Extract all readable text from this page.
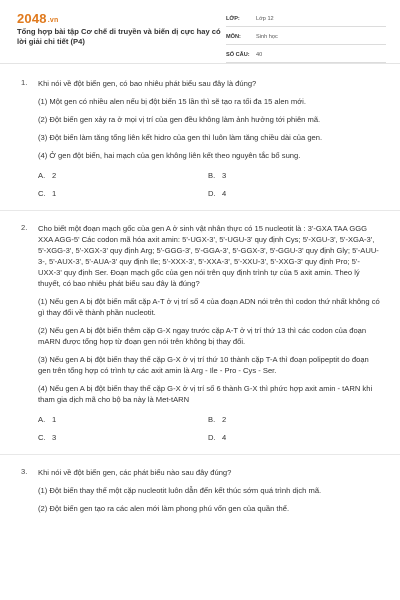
2048.vn
Tổng hợp bài tập Cơ chế di truyền và biến dị cực hay có lời giải chi tiết (P4)
LỚP:	Lớp 12
MÔN:	Sinh học
SỐ CÂU:	40
1. Khi nói về đột biến gen, có bao nhiêu phát biểu sau đây là đúng?
(1) Một gen có nhiều alen nếu bị đột biến 15 lần thì sẽ tạo ra tối đa 15 alen mới.
(2) Đột biến gen xảy ra ở mọi vị trí của gen đều không làm ảnh hưởng tới phiên mã.
(3) Đột biến làm tăng tổng liên kết hidro của gen thì luôn làm tăng chiều dài của gen.
(4) Ở gen đột biến, hai mạch của gen không liên kết theo nguyên tắc bổ sung.
A. 2	B. 3
C. 1	D. 4
2. Cho biết một đoạn mạch gốc của gen A ở sinh vật nhân thực có 15 nucleotit là : 3'-GXA TAA GGG XXA AGG-5' Các codon mã hóa axit amin: 5'-UGX-3', 5'-UGU-3' quy định Cys; 5'-XGU-3', 5'-XGA-3', 5'-XGG-3', 5'-XGX-3' quy định Arg; 5'-GGG-3', 5'-GGA-3', 5'-GGX-3', 5'-GGU-3' quy định Gly; 5'-AUU- 3-, 5'-AUX-3', 5'-AUA-3' quy định Ile; 5'-XXX-3', 5'-XXA-3', 5'-XXU-3', 5'-XXG-3' quy định Pro; 5'- UXX-3' quy định Ser. Đoạn mạch gốc của gen nói trên quy định trình tự của 5 axit amin. Theo lý thuyết, có bao nhiêu phát biểu sau đây là đúng?
(1) Nếu gen A bị đột biến mất cặp A-T ở vị trí số 4 của đoạn ADN nói trên thì codon thứ nhất không có gì thay đổi về thành phần nucleotit.
(2) Nếu gen A bị đột biến thêm cặp G-X ngay trước cặp A-T ở vị trí thứ 13 thì các codon của đoạn mARN được tổng hợp từ đoạn gen nói trên không bị thay đổi.
(3) Nếu gen A bị đột biến thay thế cặp G-X ở vị trí thứ 10 thành cặp T-A thì đoạn polipeptit do đoạn gen trên tổng hợp có trình tự các axit amin là Arg - Ile - Pro - Cys - Ser.
(4) Nếu gen A bị đột biến thay thế cặp G-X ở vị trí số 6 thành G-X thì phức hợp axit amin - tARN khi tham gia dịch mã cho bộ ba này là Met-tARN
A. 1	B. 2
C. 3	D. 4
3. Khi nói về đột biến gen, các phát biểu nào sau đây đúng?
(1) Đột biến thay thế một cặp nucleotit luôn dẫn đến kết thúc sớm quá trình dịch mã.
(2) Đột biến gen tạo ra các alen mới làm phong phú vốn gen của quần thể.
